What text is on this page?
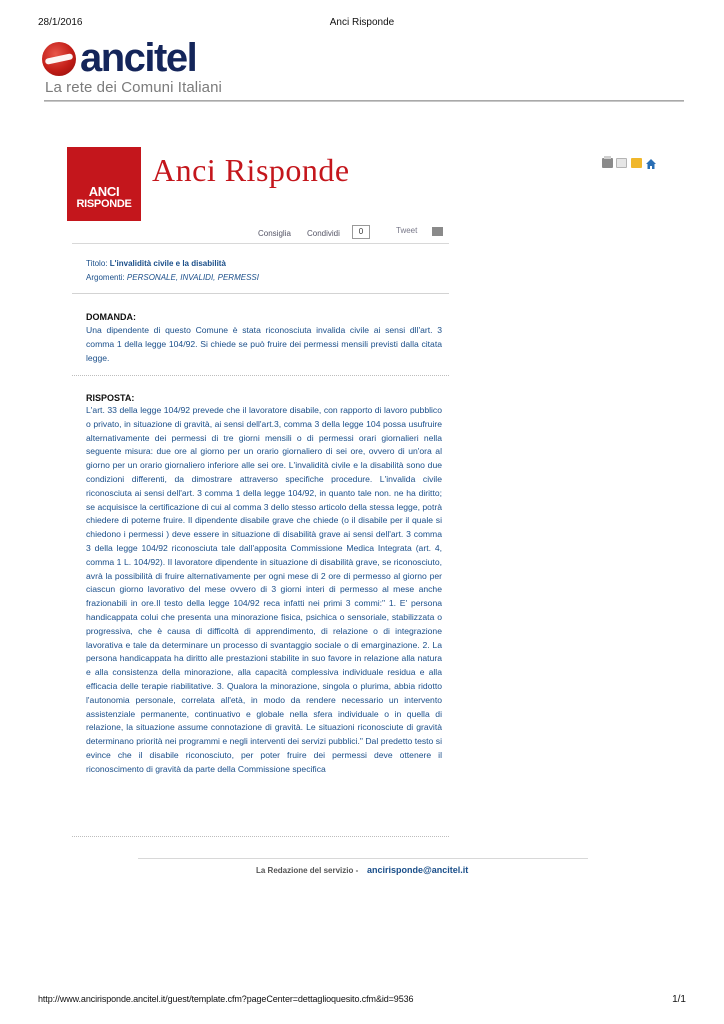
28/1/2016	Anci Risponde
ancitel
La rete dei Comuni Italiani
ANCI
RISPONDE
Anci Risponde
Consiglia Condividi	0	Tweet
Titolo: L'invalidità civile e la disabilità
Argomenti: PERSONALE, INVALIDI, PERMESSI
DOMANDA:
Una dipendente di questo Comune è stata riconosciuta invalida civile ai sensi dll'art. 3 comma 1 della legge 104/92. Si chiede se può fruire dei permessi mensili previsti dalla citata legge.
RISPOSTA:
L'art. 33 della legge 104/92 prevede che il lavoratore disabile, con rapporto di lavoro pubblico o privato, in situazione di gravità, ai sensi dell'art.3, comma 3 della legge 104 possa usufruire alternativamente dei permessi di tre giorni mensili o di permessi orari giornalieri nella seguente misura: due ore al giorno per un orario giornaliero di sei ore, ovvero di un'ora al giorno per un orario giornaliero inferiore alle sei ore. L'invalidità civile e la disabilità sono due condizioni differenti, da dimostrare attraverso specifiche procedure. L'invalida civile riconosciuta ai sensi dell'art. 3 comma 1 della legge 104/92, in quanto tale non. ne ha diritto; se acquisisce la certificazione di cui al comma 3 dello stesso articolo della stessa legge, potrà chiedere di poterne fruire. Il dipendente disabile grave che chiede (o il disabile per il quale si chiedono i permessi ) deve essere in situazione di disabilità grave ai sensi dell'art. 3 comma 3 della legge 104/92 riconosciuta tale dall'apposita Commissione Medica Integrata (art. 4, comma 1 L. 104/92). Il lavoratore dipendente in situazione di disabilità grave, se riconosciuto, avrà la possibilità di fruire alternativamente per ogni mese di 2 ore di permesso al giorno per ciascun giorno lavorativo del mese ovvero di 3 giorni interi di permesso al mese anche frazionabili in ore.Il testo della legge 104/92 reca infatti nei primi 3 commi:" 1. E' persona handicappata colui che presenta una minorazione fisica, psichica o sensoriale, stabilizzata o progressiva, che è causa di difficoltà di apprendimento, di relazione o di integrazione lavorativa e tale da determinare un processo di svantaggio sociale o di emarginazione. 2. La persona handicappata ha diritto alle prestazioni stabilite in suo favore in relazione alla natura e alla consistenza della minorazione, alla capacità complessiva individuale residua e alla efficacia delle terapie riabilitative. 3. Qualora la minorazione, singola o plurima, abbia ridotto l'autonomia personale, correlata all'età, in modo da rendere necessario un intervento assistenziale permanente, continuativo e globale nella sfera individuale o in quella di relazione, la situazione assume connotazione di gravità. Le situazioni riconosciute di gravità determinano priorità nei programmi e negli interventi dei servizi pubblici." Dal predetto testo si evince che il disabile riconosciuto, per poter fruire dei permessi deve ottenere il riconoscimento di gravità da parte della Commissione specifica
La Redazione del servizio - ancirisponde@ancitel.it
http://www.ancirisponde.ancitel.it/guest/template.cfm?pageCenter=dettaglioquesito.cfm&id=9536	1/1
